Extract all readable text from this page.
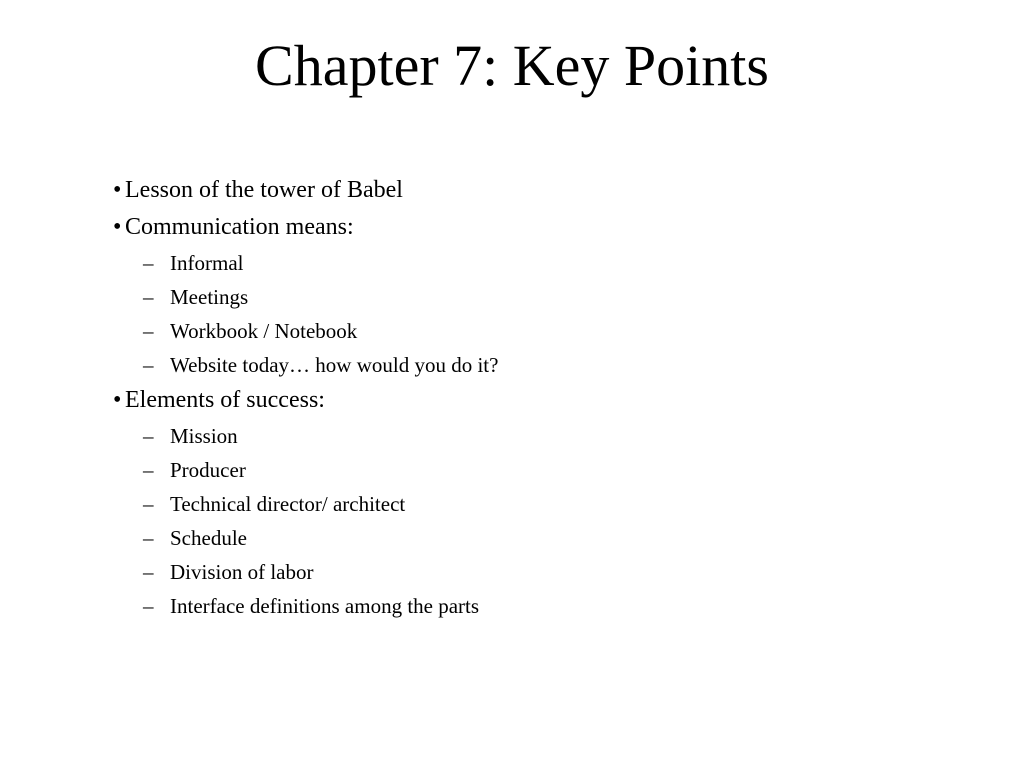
Chapter 7: Key Points
• Lesson of the tower of Babel
• Communication means:
– Informal
– Meetings
– Workbook / Notebook
– Website today… how would you do it?
• Elements of success:
– Mission
– Producer
– Technical director/ architect
– Schedule
– Division of labor
– Interface definitions among the parts
